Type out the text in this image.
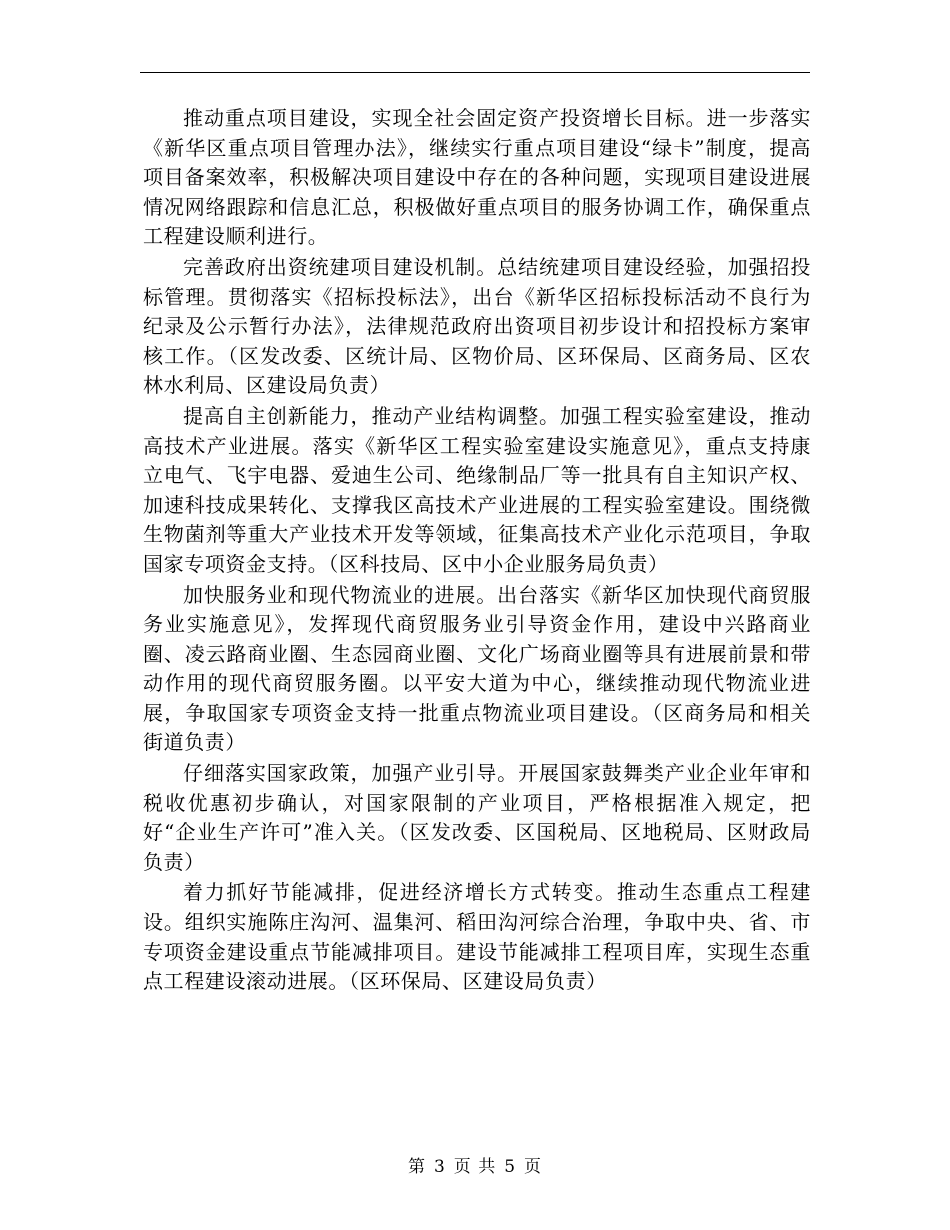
推动重点项目建设，实现全社会固定资产投资增长目标。进一步落实《新华区重点项目管理办法》，继续实行重点项目建设“绿卡”制度，提高项目备案效率，积极解决项目建设中存在的各种问题，实现项目建设进展情况网络跟踪和信息汇总，积极做好重点项目的服务协调工作，确保重点工程建设顺利进行。

完善政府出资统建项目建设机制。总结统建项目建设经验，加强招投标管理。贯彻落实《招标投标法》，出台《新华区招标投标活动不良行为纪录及公示暂行办法》，法律规范政府出资项目初步设计和招投标方案审核工作。（区发改委、区统计局、区物价局、区环保局、区商务局、区农林水利局、区建设局负责）

提高自主创新能力，推动产业结构调整。加强工程实验室建设，推动高技术产业进展。落实《新华区工程实验室建设实施意见》，重点支持康立电气、飞宇电器、爱迪生公司、绝缘制品厂等一批具有自主知识产权、加速科技成果转化、支撑我区高技术产业进展的工程实验室建设。围绕微生物菌剂等重大产业技术开发等领域，征集高技术产业化示范项目，争取国家专项资金支持。（区科技局、区中小企业服务局负责）

加快服务业和现代物流业的进展。出台落实《新华区加快现代商贸服务业实施意见》，发挥现代商贸服务业引导资金作用，建设中兴路商业圈、凌云路商业圈、生态园商业圈、文化广场商业圈等具有进展前景和带动作用的现代商贸服务圈。以平安大道为中心，继续推动现代物流业进展，争取国家专项资金支持一批重点物流业项目建设。（区商务局和相关街道负责）

仔细落实国家政策，加强产业引导。开展国家鼓舞类产业企业年审和税收优惠初步确认，对国家限制的产业项目，严格根据准入规定，把好“企业生产许可”准入关。（区发改委、区国税局、区地税局、区财政局负责）

着力抓好节能减排，促进经济增长方式转变。推动生态重点工程建设。组织实施陈庄沟河、温集河、稻田沟河综合治理，争取中央、省、市专项资金建设重点节能减排项目。建设节能减排工程项目库，实现生态重点工程建设滚动进展。（区环保局、区建设局负责）

第 3 页 共 5 页
